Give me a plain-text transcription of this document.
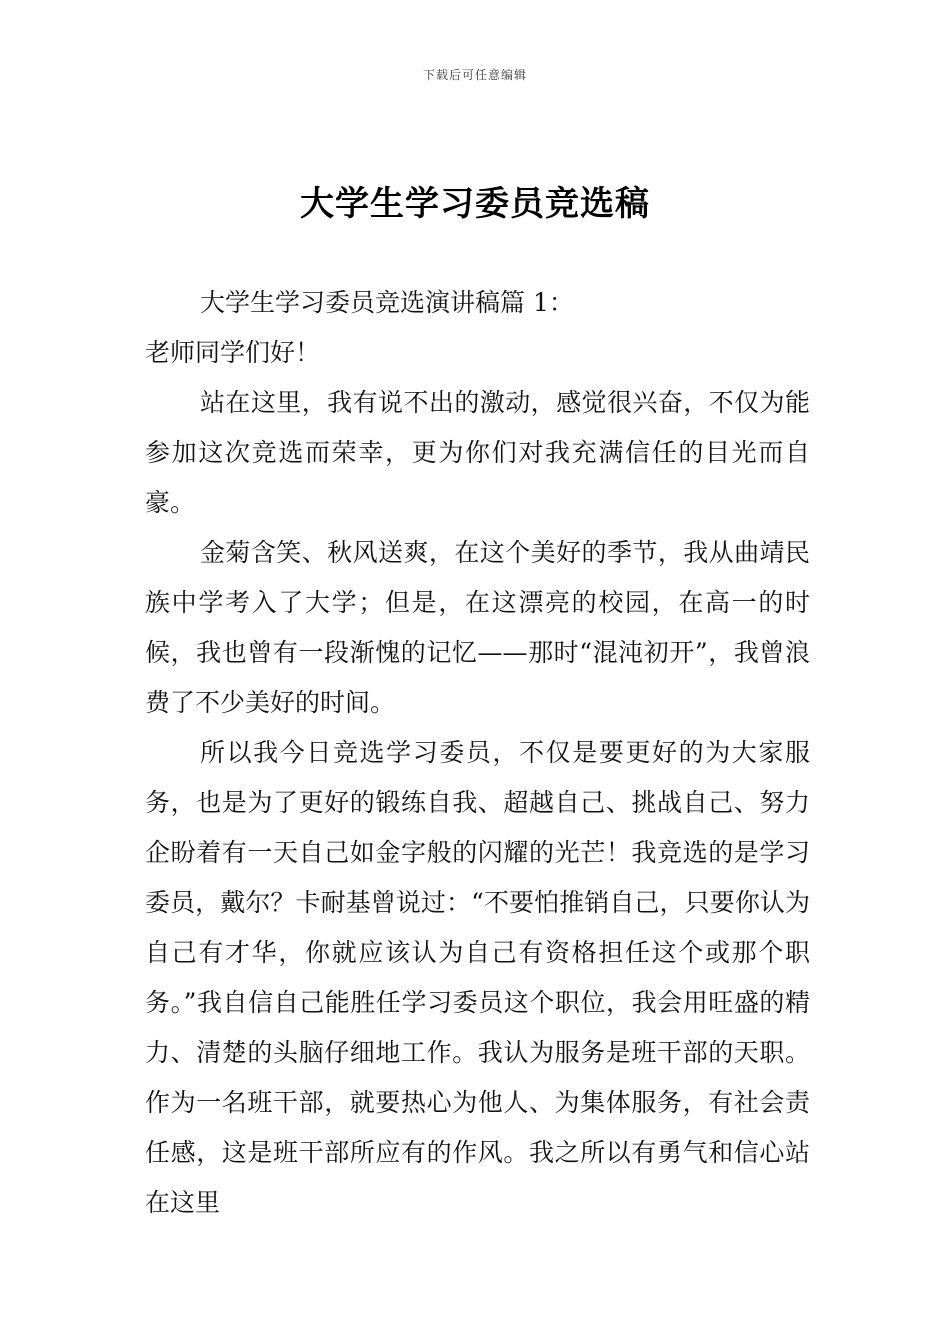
下载后可任意编辑
大学生学习委员竞选稿

大学生学习委员竞选演讲稿篇 1：

老师同学们好！

站在这里，我有说不出的激动，感觉很兴奋，不仅为能参加这次竞选而荣幸，更为你们对我充满信任的目光而自豪。

金菊含笑、秋风送爽，在这个美好的季节，我从曲靖民族中学考入了大学；但是，在这漂亮的校园，在高一的时候，我也曾有一段渐愧的记忆——那时“混沌初开”，我曾浪费了不少美好的时间。

所以我今日竞选学习委员，不仅是要更好的为大家服务，也是为了更好的锻练自我、超越自己、挑战自己、努力企盼着有一天自己如金字般的闪耀的光芒！我竞选的是学习委员，戴尔？卡耐基曾说过：“不要怕推销自己，只要你认为自己有才华，你就应该认为自己有资格担任这个或那个职务。”我自信自己能胜任学习委员这个职位，我会用旺盛的精力、清楚的头脑仔细地工作。我认为服务是班干部的天职。作为一名班干部，就要热心为他人、为集体服务，有社会责任感，这是班干部所应有的作风。我之所以有勇气和信心站在这里
